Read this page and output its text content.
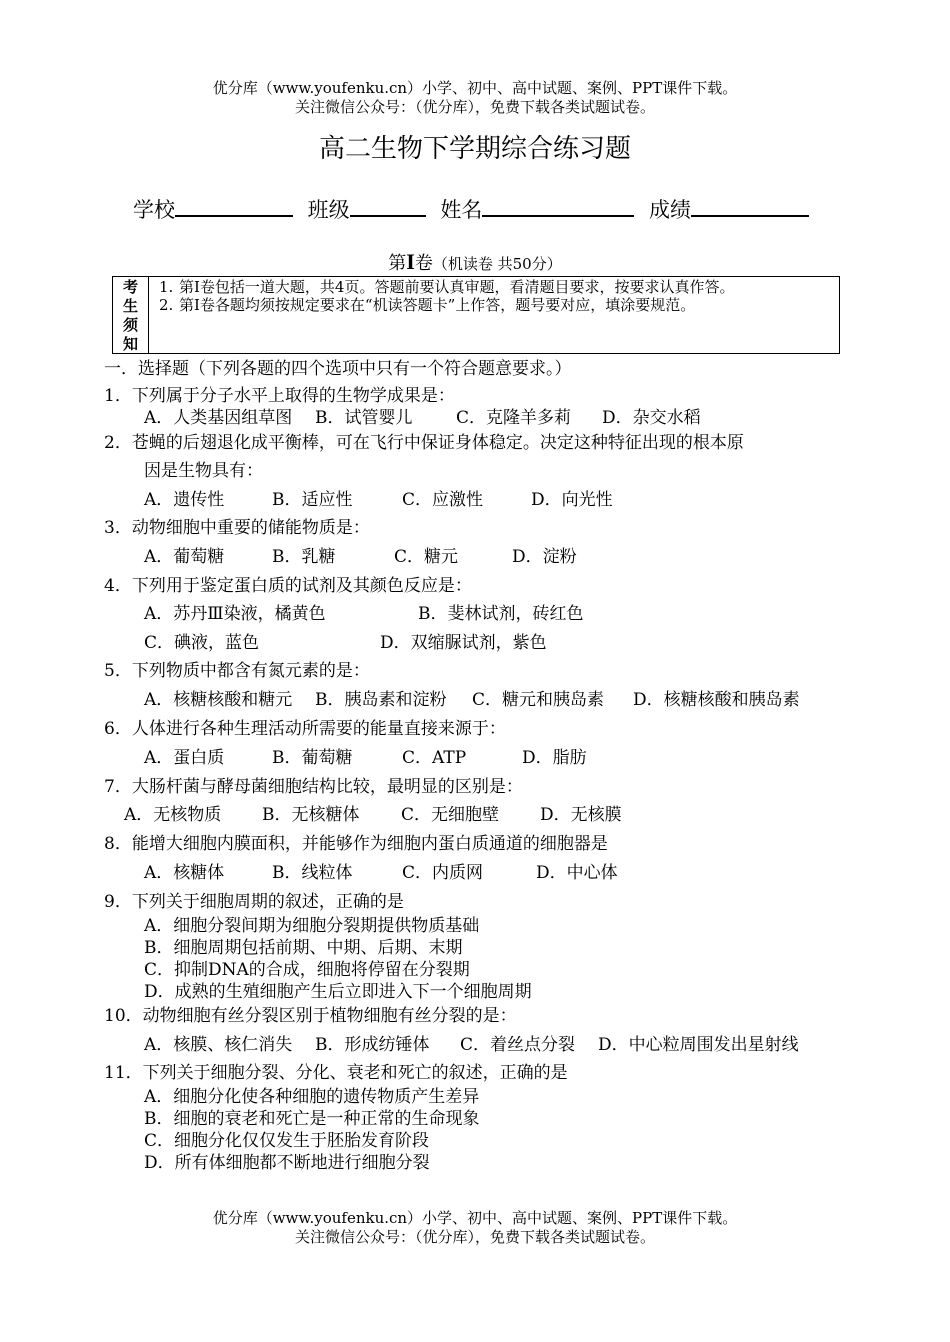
优分库（www.youfenku.cn）小学、初中、高中试题、案例、PPT课件下载。
关注微信公众号：（优分库），免费下载各类试题试卷。
高二生物下学期综合练习题
学校	班级	姓名	成绩
第I卷（机读卷 共50分）
考
生
须
知
1. 第I卷包括一道大题，共4页。答题前要认真审题，看清题目要求，按要求认真作答。
2. 第I卷各题均须按规定要求在“机读答题卡”上作答，题号要对应，填涂要规范。
一．选择题（下列各题的四个选项中只有一个符合题意要求。）
1．下列属于分子水平上取得的生物学成果是：
A．人类基因组草图 B．试管婴儿	C．克隆羊多莉 D．杂交水稻
2．苍蝇的后翅退化成平衡棒，可在飞行中保证身体稳定。决定这种特征出现的根本原
因是生物具有：
A．遗传性	B．适应性	C．应激性	D．向光性
3．动物细胞中重要的储能物质是：
A．葡萄糖	B．乳糖	C．糖元	D．淀粉
4．下列用于鉴定蛋白质的试剂及其颜色反应是：
A．苏丹Ⅲ染液，橘黄色	B．斐林试剂，砖红色
C．碘液，蓝色	D．双缩脲试剂，紫色
5．下列物质中都含有氮元素的是：
A．核糖核酸和糖元 B．胰岛素和淀粉 C．糖元和胰岛素 D．核糖核酸和胰岛素
6．人体进行各种生理活动所需要的能量直接来源于：
A．蛋白质	B．葡萄糖	C．ATP	D．脂肪
7．大肠杆菌与酵母菌细胞结构比较，最明显的区别是：
A．无核物质 B．无核糖体 C．无细胞壁 D．无核膜
8．能增大细胞内膜面积，并能够作为细胞内蛋白质通道的细胞器是
A．核糖体	B．线粒体	C．内质网	D．中心体
9．下列关于细胞周期的叙述，正确的是
A．细胞分裂间期为细胞分裂期提供物质基础
B．细胞周期包括前期、中期、后期、末期
C．抑制DNA的合成，细胞将停留在分裂期
D．成熟的生殖细胞产生后立即进入下一个细胞周期
10．动物细胞有丝分裂区别于植物细胞有丝分裂的是：
A．核膜、核仁消失 B．形成纺锤体 C．着丝点分裂 D．中心粒周围发出星射线
11．下列关于细胞分裂、分化、衰老和死亡的叙述，正确的是
A．细胞分化使各种细胞的遗传物质产生差异
B．细胞的衰老和死亡是一种正常的生命现象
C．细胞分化仅仅发生于胚胎发育阶段
D．所有体细胞都不断地进行细胞分裂
优分库（www.youfenku.cn）小学、初中、高中试题、案例、PPT课件下载。
关注微信公众号：（优分库），免费下载各类试题试卷。
